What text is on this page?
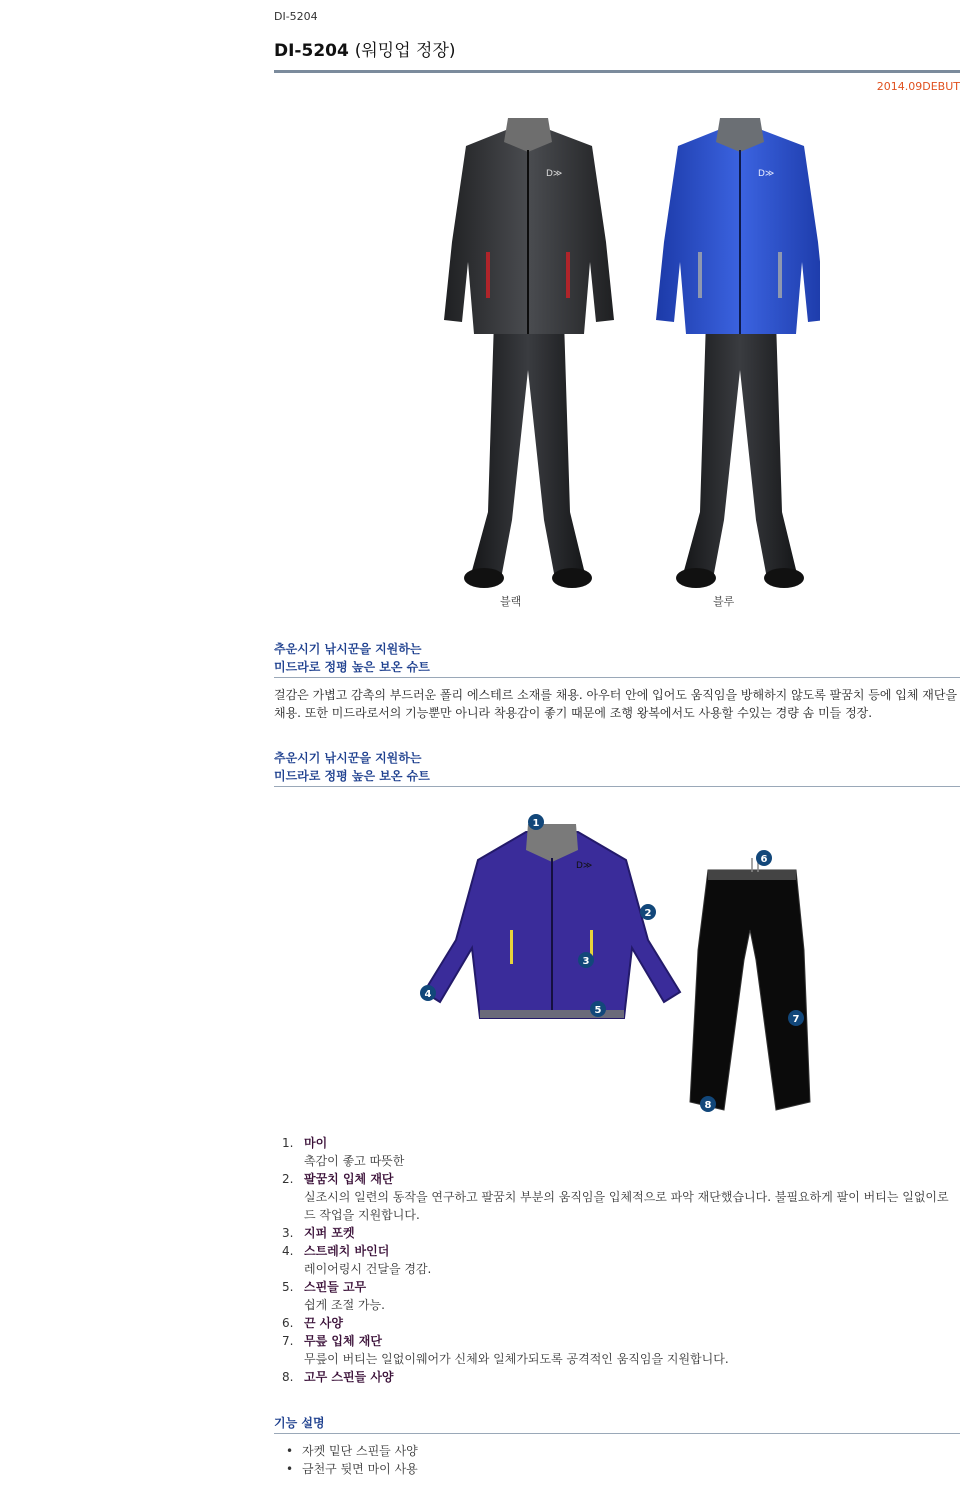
DI-5204
DI-5204 (워밍업 정장)
2014.09DEBUT
D≫	D≫
블랙	블루
추운시기 낚시꾼을 지원하는
미드라로 정평 높은 보온 슈트
걸감은 가볍고 감촉의 부드러운 폴리 에스테르 소재를 채용. 아우터 안에 입어도 움직임을 방해하지 않도록 팔꿈치 등에 입체 재단을 채용. 또한 미드라로서의 기능뿐만 아니라 착용감이 좋기 때문에 조행 왕복에서도 사용할 수있는 경량 솜 미들 정장.
추운시기 낚시꾼을 지원하는
미드라로 정평 높은 보온 슈트
D≫
1
2
3
4
5
6
7
8
1. 마이
촉감이 좋고 따뜻한
2. 팔꿈치 입체 재단
실조시의 일련의 동작을 연구하고 팔꿈치 부분의 움직임을 입체적으로 파악 재단했습니다. 불필요하게 팔이 버티는 일없이로드 작업을 지원합니다.
3. 지퍼 포켓
4. 스트레치 바인더
레이어링시 건달을 경감.
5. 스핀들 고무
쉽게 조절 가능.
6. 끈 사양
7. 무릎 입체 재단
무릎이 버티는 일없이웨어가 신체와 일체가되도록 공격적인 움직임을 지원합니다.
8. 고무 스핀들 사양
기능 설명
• 자켓 밑단 스핀들 사양
• 금천구 뒷면 마이 사용
